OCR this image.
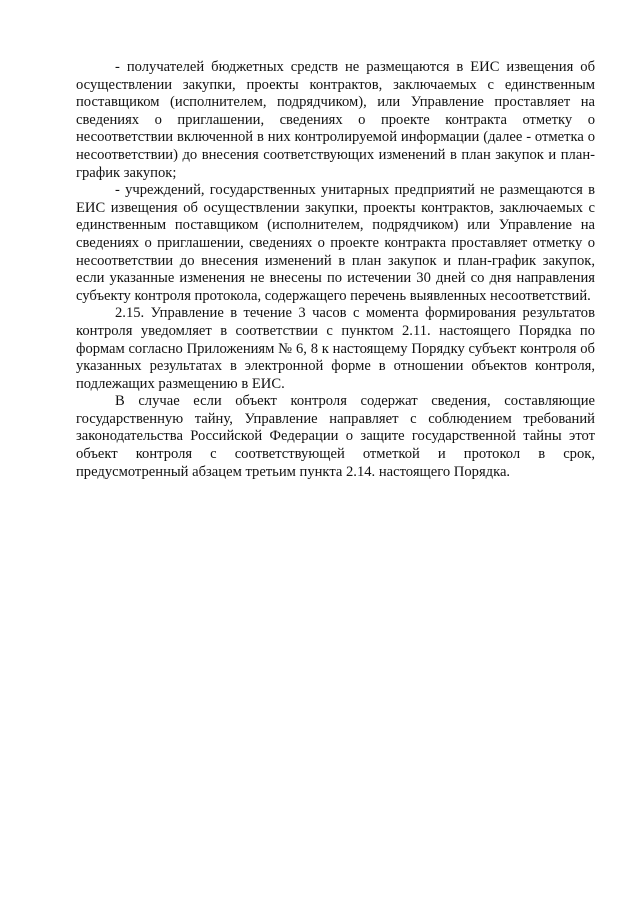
- получателей бюджетных средств не размещаются в ЕИС извещения об осуществлении закупки, проекты контрактов, заключаемых с единственным поставщиком (исполнителем, подрядчиком), или Управление проставляет на сведениях о приглашении, сведениях о проекте контракта отметку о несоответствии включенной в них контролируемой информации (далее - отметка о несоответствии) до внесения соответствующих изменений в план закупок и план-график закупок;

- учреждений, государственных унитарных предприятий не размещаются в ЕИС извещения об осуществлении закупки, проекты контрактов, заключаемых с единственным поставщиком (исполнителем, подрядчиком) или Управление на сведениях о приглашении, сведениях о проекте контракта проставляет отметку о несоответствии до внесения изменений в план закупок и план-график закупок, если указанные изменения не внесены по истечении 30 дней со дня направления субъекту контроля протокола, содержащего перечень выявленных несоответствий.

2.15. Управление в течение 3 часов с момента формирования результатов контроля уведомляет в соответствии с пунктом 2.11. настоящего Порядка по формам согласно Приложениям № 6, 8 к настоящему Порядку субъект контроля об указанных результатах в электронной форме в отношении объектов контроля, подлежащих размещению в ЕИС.

В случае если объект контроля содержат сведения, составляющие государственную тайну, Управление направляет с соблюдением требований законодательства Российской Федерации о защите государственной тайны этот объект контроля с соответствующей отметкой и протокол в срок, предусмотренный абзацем третьим пункта 2.14. настоящего Порядка.
